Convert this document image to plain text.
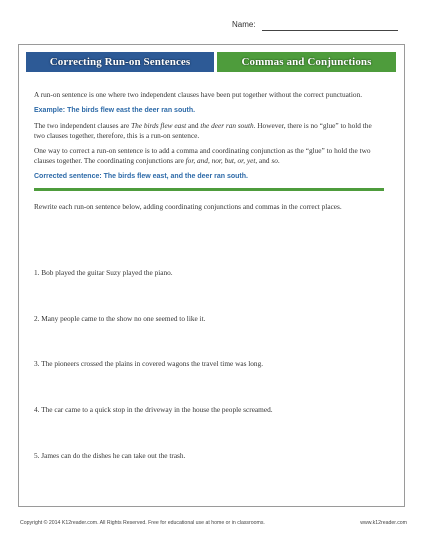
Name:
Correcting Run-on Sentences	Commas and Conjunctions

A run-on sentence is one where two independent clauses have been put together without the correct punctuation.

Example: The birds flew east the deer ran south.

The two independent clauses are The birds flew east and the deer ran south. However, there is no “glue” to hold the two clauses together, therefore, this is a run-on sentence.

One way to correct a run-on sentence is to add a comma and coordinating conjunction as the “glue” to hold the two clauses together. The coordinating conjunctions are for, and, nor, but, or, yet, and so.

Corrected sentence: The birds flew east, and the deer ran south.

Rewrite each run-on sentence below, adding coordinating conjunctions and commas in the correct places.

1. Bob played the guitar Suzy played the piano.
2. Many people came to the show no one seemed to like it.
3. The pioneers crossed the plains in covered wagons the travel time was long.
4. The car came to a quick stop in the driveway in the house the people screamed.
5. James can do the dishes he can take out the trash.
Copyright © 2014 K12reader.com. All Rights Reserved. Free for educational use at home or in classrooms.	www.k12reader.com
